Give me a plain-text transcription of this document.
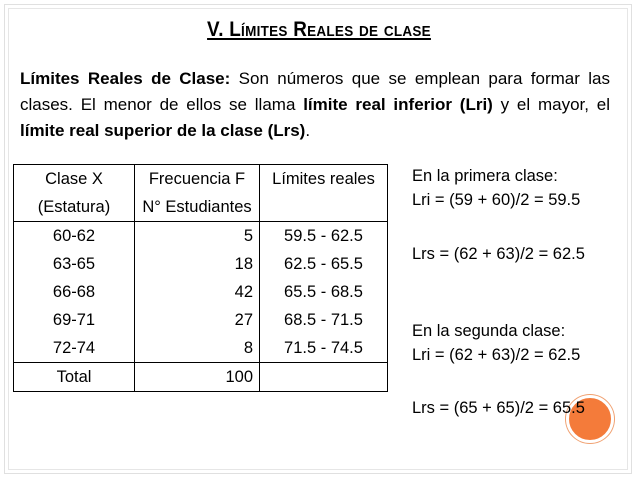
V. Límites Reales de clase
Límites Reales de Clase: Son números que se emplean para formar las clases. El menor de ellos se llama límite real inferior (Lri) y el mayor, el límite real superior de la clase (Lrs).
Clase X	Frecuencia F	Límites reales
(Estatura)	N° Estudiantes	
60-62	5	59.5 - 62.5
63-65	18	62.5 - 65.5
66-68	42	65.5 - 68.5
69-71	27	68.5 - 71.5
72-74	8	71.5 - 74.5
Total	100	
En la primera clase:
Lri = (59 + 60)/2 = 59.5
Lrs = (62 + 63)/2 = 62.5
En la segunda clase:
Lri = (62 + 63)/2 = 62.5
Lrs = (65 + 65)/2 = 65.5
